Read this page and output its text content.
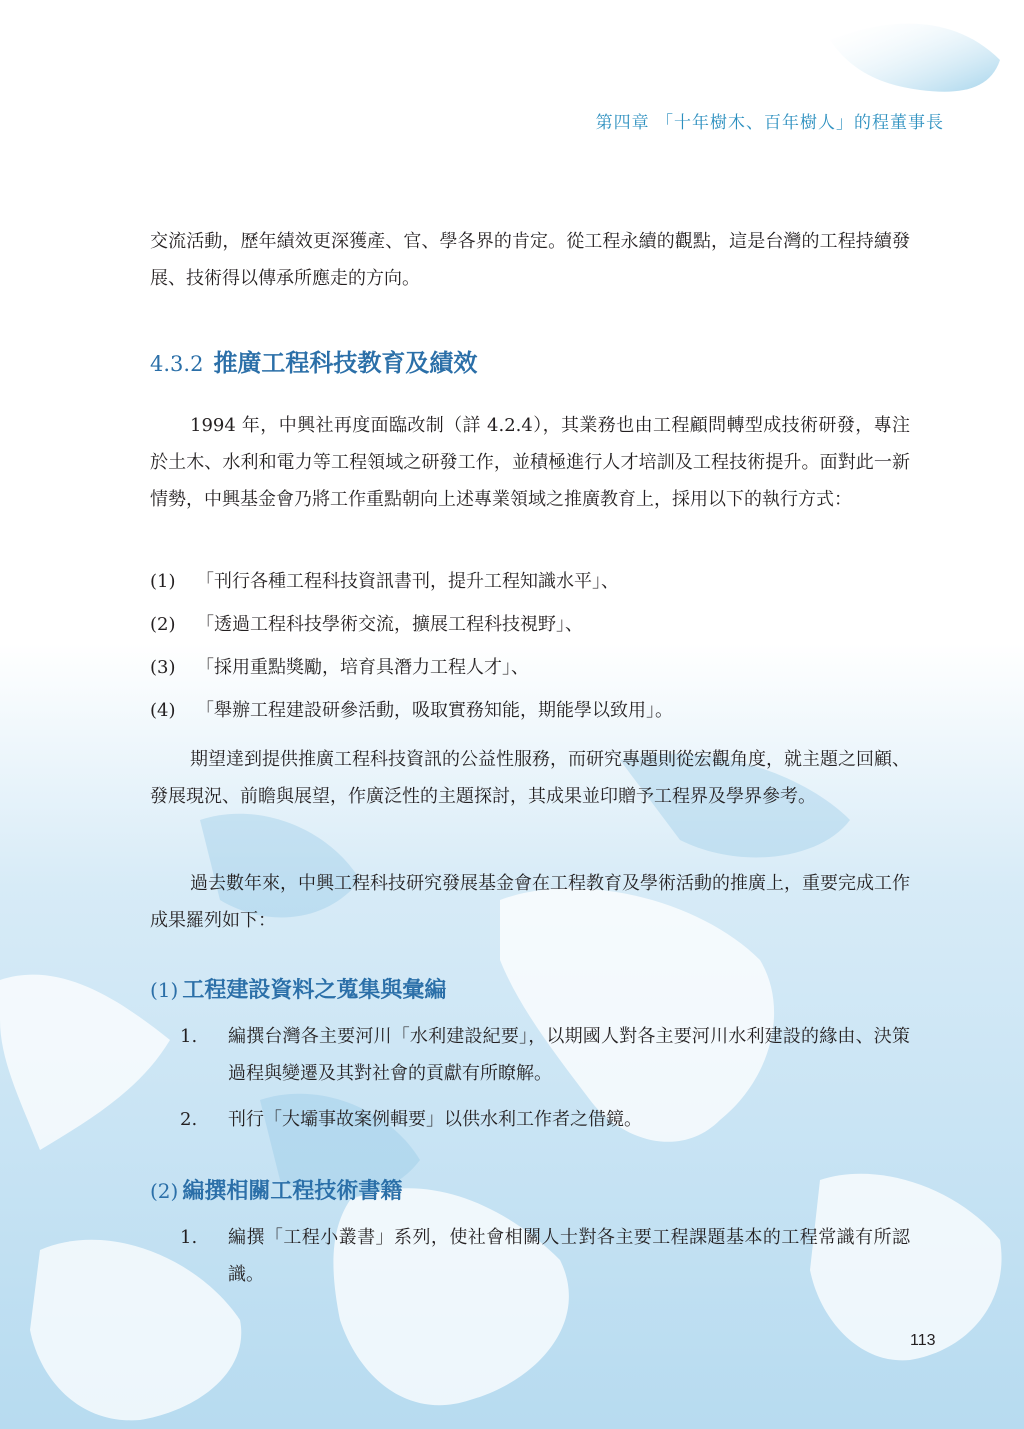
第四章 「十年樹木、百年樹人」的程董事長

交流活動，歷年績效更深獲產、官、學各界的肯定。從工程永續的觀點，這是台灣的工程持續發展、技術得以傳承所應走的方向。

4.3.2 推廣工程科技教育及績效

1994 年，中興社再度面臨改制（詳 4.2.4），其業務也由工程顧問轉型成技術研發，專注於土木、水利和電力等工程領域之研發工作，並積極進行人才培訓及工程技術提升。面對此一新情勢，中興基金會乃將工作重點朝向上述專業領域之推廣教育上，採用以下的執行方式：

(1)	「刊行各種工程科技資訊書刊，提升工程知識水平」、
(2)	「透過工程科技學術交流，擴展工程科技視野」、
(3)	「採用重點獎勵，培育具潛力工程人才」、
(4)	「舉辦工程建設研參活動，吸取實務知能，期能學以致用」。

期望達到提供推廣工程科技資訊的公益性服務，而研究專題則從宏觀角度，就主題之回顧、發展現況、前瞻與展望，作廣泛性的主題探討，其成果並印贈予工程界及學界參考。

過去數年來，中興工程科技研究發展基金會在工程教育及學術活動的推廣上，重要完成工作成果羅列如下：

(1) 工程建設資料之蒐集與彙編
1. 編撰台灣各主要河川「水利建設紀要」，以期國人對各主要河川水利建設的緣由、決策過程與變遷及其對社會的貢獻有所瞭解。
2. 刊行「大壩事故案例輯要」以供水利工作者之借鏡。
(2) 編撰相關工程技術書籍
1. 編撰「工程小叢書」系列，使社會相關人士對各主要工程課題基本的工程常識有所認識。
113
